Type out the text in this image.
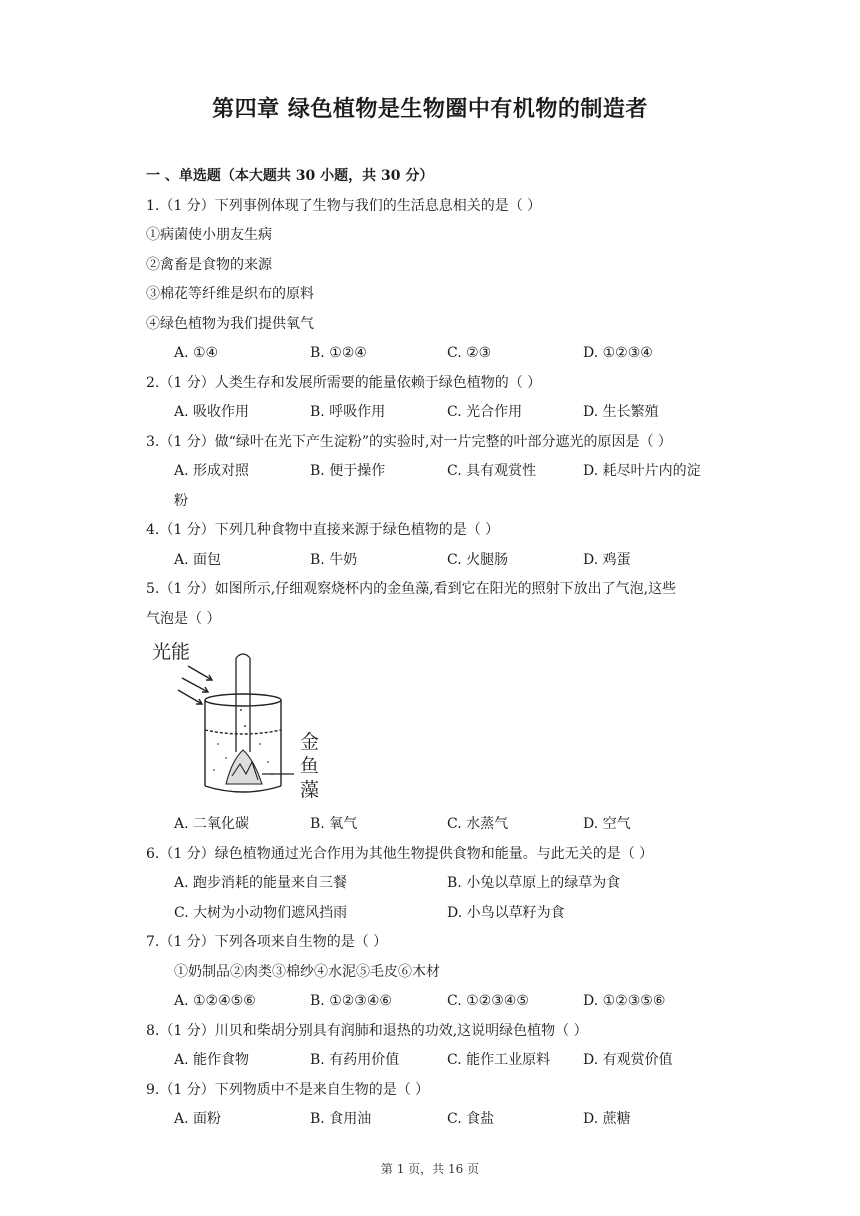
第四章 绿色植物是生物圈中有机物的制造者
一 、单选题（本大题共 30 小题，共 30 分）
1.（1 分）下列事例体现了生物与我们的生活息息相关的是（ ）
①病菌使小朋友生病
②禽畜是食物的来源
③棉花等纤维是织布的原料
④绿色植物为我们提供氧气
A. ①④	B. ①②④	C. ②③	D. ①②③④
2.（1 分）人类生存和发展所需要的能量依赖于绿色植物的（ ）
A. 吸收作用	B. 呼吸作用	C. 光合作用	D. 生长繁殖
3.（1 分）做“绿叶在光下产生淀粉”的实验时,对一片完整的叶部分遮光的原因是（ ）
A. 形成对照	B. 便于操作	C. 具有观赏性	D. 耗尽叶片内的淀
粉
4.（1 分）下列几种食物中直接来源于绿色植物的是（ ）
A. 面包	B. 牛奶	C. 火腿肠	D. 鸡蛋
5.（1 分）如图所示,仔细观察烧杯内的金鱼藻,看到它在阳光的照射下放出了气泡,这些
气泡是（ ）
光能
金
鱼
藻
A. 二氧化碳	B. 氧气	C. 水蒸气	D. 空气
6.（1 分）绿色植物通过光合作用为其他生物提供食物和能量。与此无关的是（ ）
A. 跑步消耗的能量来自三餐	B. 小兔以草原上的绿草为食
C. 大树为小动物们遮风挡雨	D. 小鸟以草籽为食
7.（1 分）下列各项来自生物的是（ ）
①奶制品②肉类③棉纱④水泥⑤毛皮⑥木材
A. ①②④⑤⑥	B. ①②③④⑥	C. ①②③④⑤	D. ①②③⑤⑥
8.（1 分）川贝和柴胡分别具有润肺和退热的功效,这说明绿色植物（ ）
A. 能作食物	B. 有药用价值	C. 能作工业原料 D. 有观赏价值
9.（1 分）下列物质中不是来自生物的是（ ）
A. 面粉	B. 食用油	C. 食盐	D. 蔗糖
第 1 页，共 16 页
